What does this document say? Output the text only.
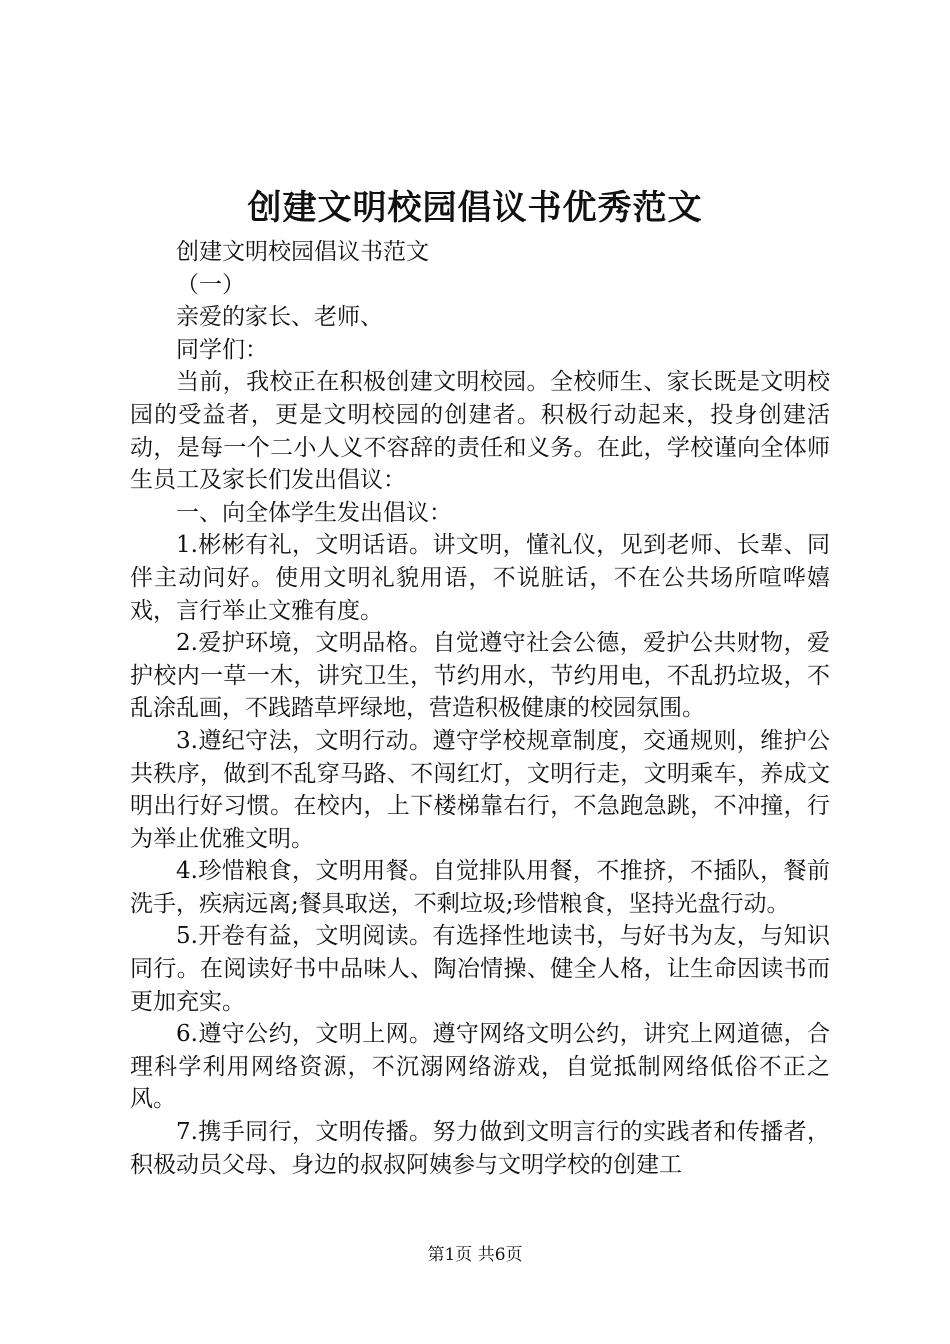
创建文明校园倡议书优秀范文

创建文明校园倡议书范文

（一）

亲爱的家长、老师、

同学们：

当前，我校正在积极创建文明校园。全校师生、家长既是文明校园的受益者，更是文明校园的创建者。积极行动起来，投身创建活动，是每一个二小人义不容辞的责任和义务。在此，学校谨向全体师生员工及家长们发出倡议：

一、向全体学生发出倡议：

1.彬彬有礼，文明话语。讲文明，懂礼仪，见到老师、长辈、同伴主动问好。使用文明礼貌用语，不说脏话，不在公共场所喧哗嬉戏，言行举止文雅有度。

2.爱护环境，文明品格。自觉遵守社会公德，爱护公共财物，爱护校内一草一木，讲究卫生，节约用水，节约用电，不乱扔垃圾，不乱涂乱画，不践踏草坪绿地，营造积极健康的校园氛围。

3.遵纪守法，文明行动。遵守学校规章制度，交通规则，维护公共秩序，做到不乱穿马路、不闯红灯，文明行走，文明乘车，养成文明出行好习惯。在校内，上下楼梯靠右行，不急跑急跳，不冲撞，行为举止优雅文明。

4.珍惜粮食，文明用餐。自觉排队用餐，不推挤，不插队，餐前洗手，疾病远离;餐具取送，不剩垃圾;珍惜粮食，坚持光盘行动。

5.开卷有益，文明阅读。有选择性地读书，与好书为友，与知识同行。在阅读好书中品味人、陶冶情操、健全人格，让生命因读书而更加充实。

6.遵守公约，文明上网。遵守网络文明公约，讲究上网道德，合理科学利用网络资源，不沉溺网络游戏，自觉抵制网络低俗不正之风。

7.携手同行，文明传播。努力做到文明言行的实践者和传播者，积极动员父母、身边的叔叔阿姨参与文明学校的创建工

第1页 共6页
